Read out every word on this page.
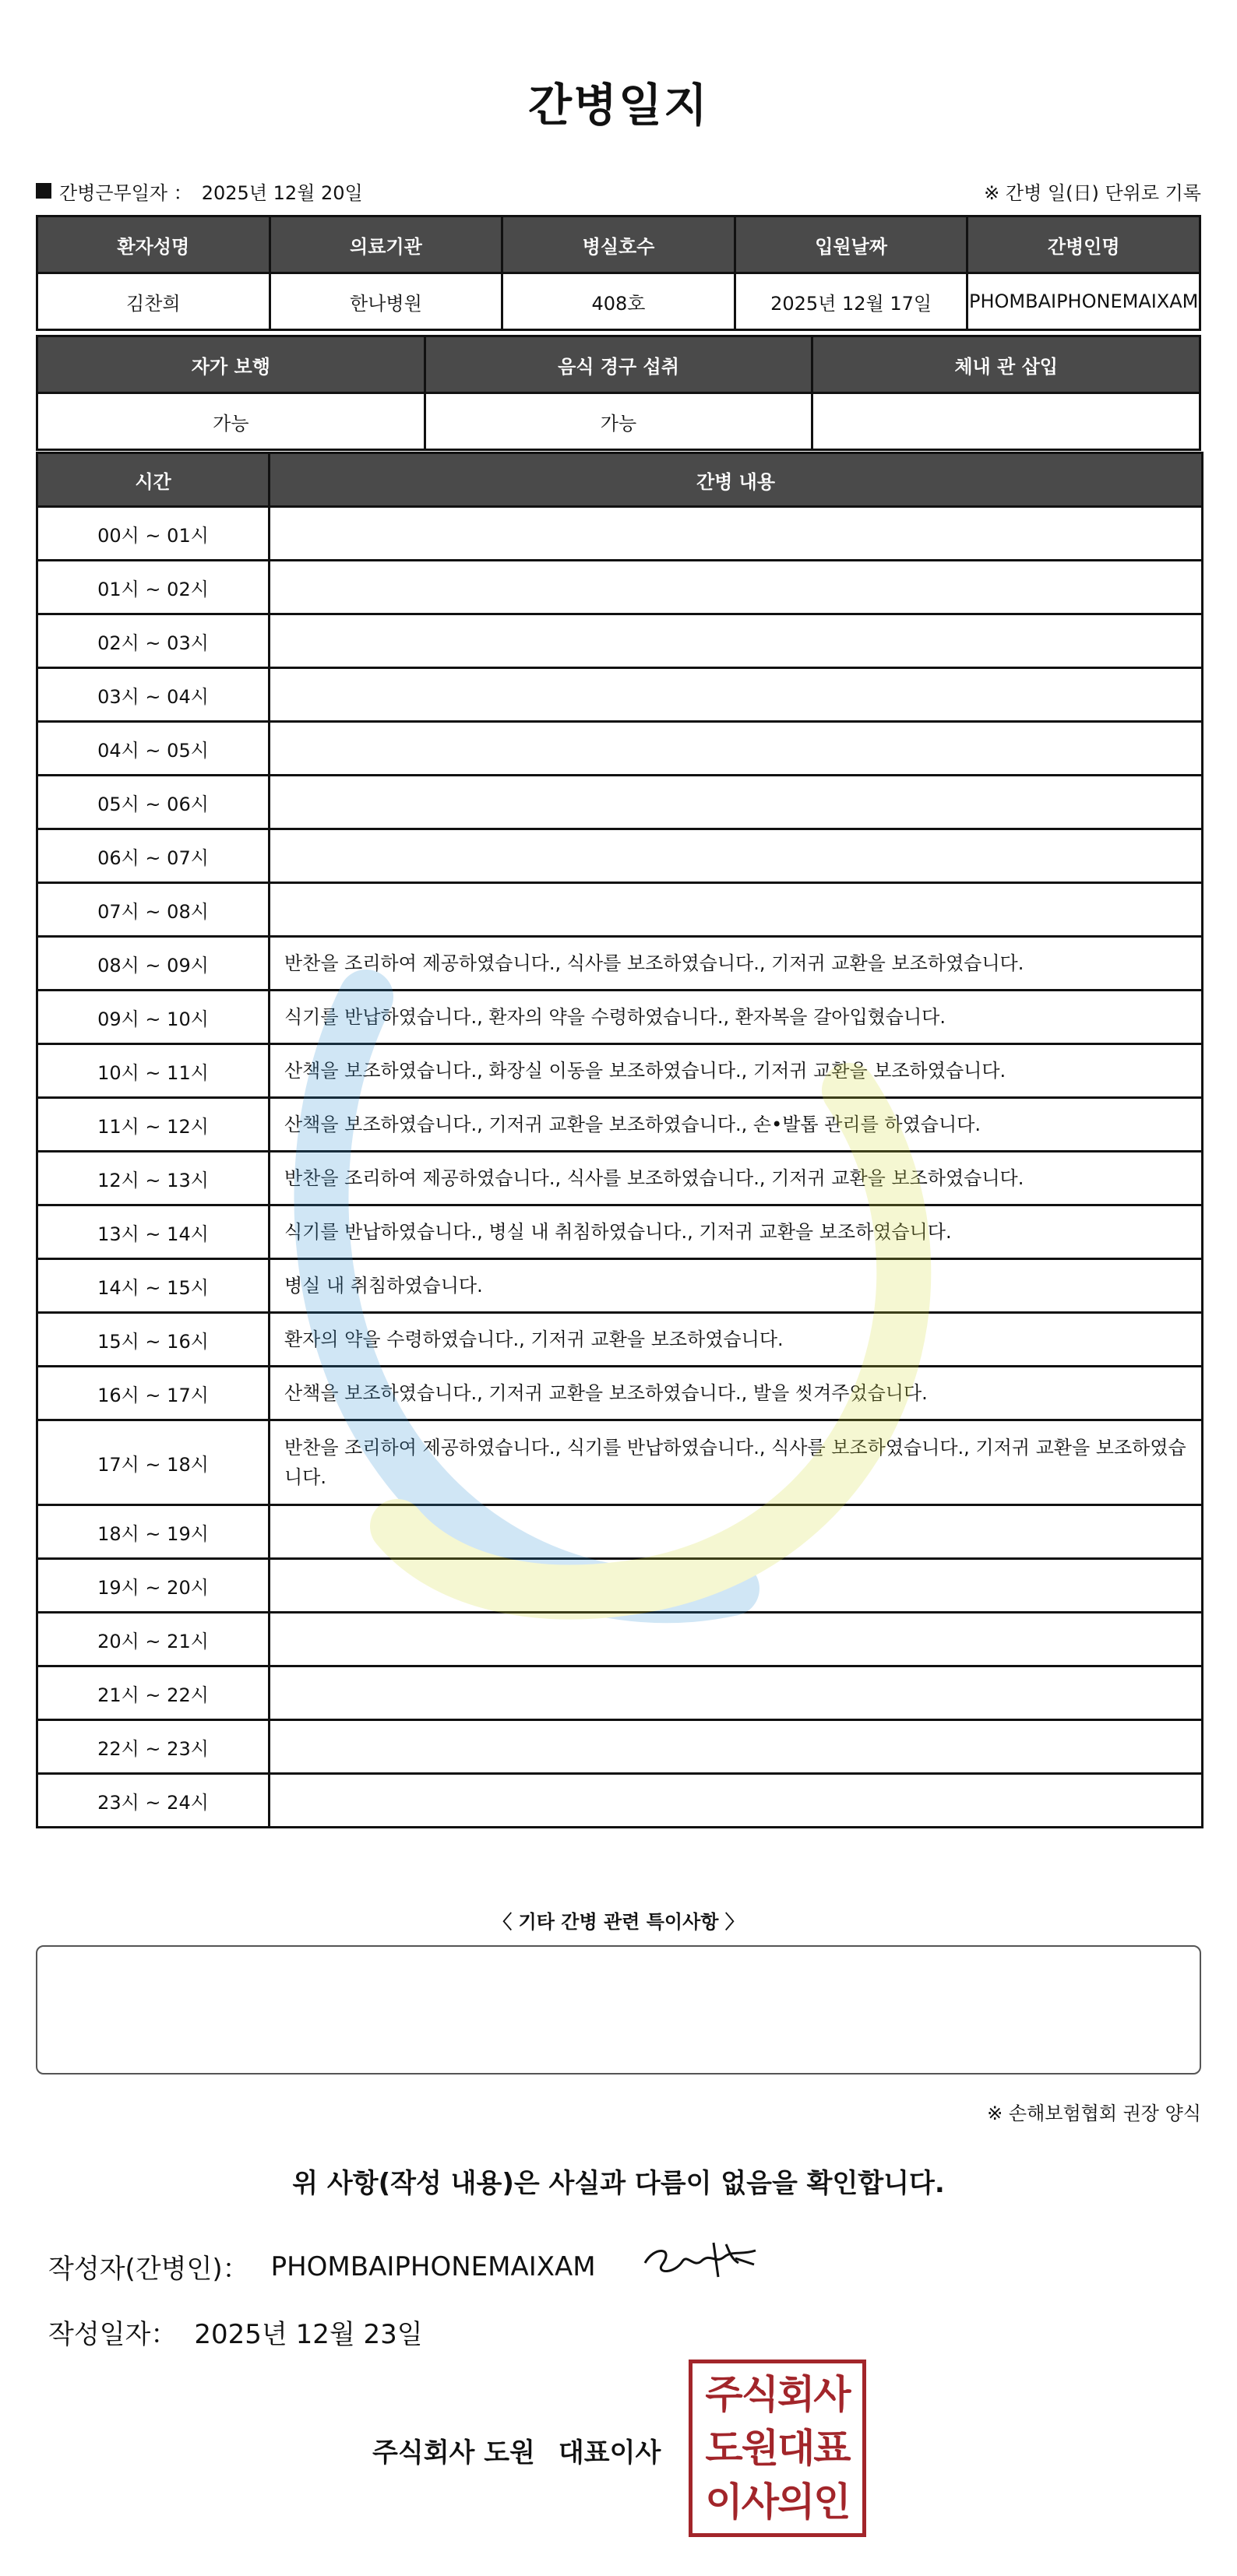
간병일지
간병근무일자 ： 2025년 12월 20일	※ 간병 일(日) 단위로 기록
환자성명	의료기관	병실호수	입원날짜	간병인명
김찬희	한나병원	408호	2025년 12월 17일	PHOMBAIPHONEMAIXAM
자가 보행	음식 경구 섭취	체내 관 삽입
가능	가능	
시간	간병 내용
00시 ~ 01시	
01시 ~ 02시	
02시 ~ 03시	
03시 ~ 04시	
04시 ~ 05시	
05시 ~ 06시	
06시 ~ 07시	
07시 ~ 08시	
08시 ~ 09시	반찬을 조리하여 제공하였습니다., 식사를 보조하였습니다., 기저귀 교환을 보조하였습니다.
09시 ~ 10시	식기를 반납하였습니다., 환자의 약을 수령하였습니다., 환자복을 갈아입혔습니다.
10시 ~ 11시	산책을 보조하였습니다., 화장실 이동을 보조하였습니다., 기저귀 교환을 보조하였습니다.
11시 ~ 12시	산책을 보조하였습니다., 기저귀 교환을 보조하였습니다., 손•발톱 관리를 하였습니다.
12시 ~ 13시	반찬을 조리하여 제공하였습니다., 식사를 보조하였습니다., 기저귀 교환을 보조하였습니다.
13시 ~ 14시	식기를 반납하였습니다., 병실 내 취침하였습니다., 기저귀 교환을 보조하였습니다.
14시 ~ 15시	병실 내 취침하였습니다.
15시 ~ 16시	환자의 약을 수령하였습니다., 기저귀 교환을 보조하였습니다.
16시 ~ 17시	산책을 보조하였습니다., 기저귀 교환을 보조하였습니다., 발을 씻겨주었습니다.
17시 ~ 18시	반찬을 조리하여 제공하였습니다., 식기를 반납하였습니다., 식사를 보조하였습니다., 기저귀 교환을 보조하였습니다.
18시 ~ 19시	
19시 ~ 20시	
20시 ~ 21시	
21시 ~ 22시	
22시 ~ 23시	
23시 ~ 24시	
〈 기타 간병 관련 특이사항 〉
※ 손해보험협회 권장 양식
위 사항(작성 내용)은 사실과 다름이 없음을 확인합니다.
작성자(간병인)： PHOMBAIPHONEMAIXAM
작성일자： 2025년 12월 23일
주식회사 도원 대표이사
주식회사
도원대표
이사의인
